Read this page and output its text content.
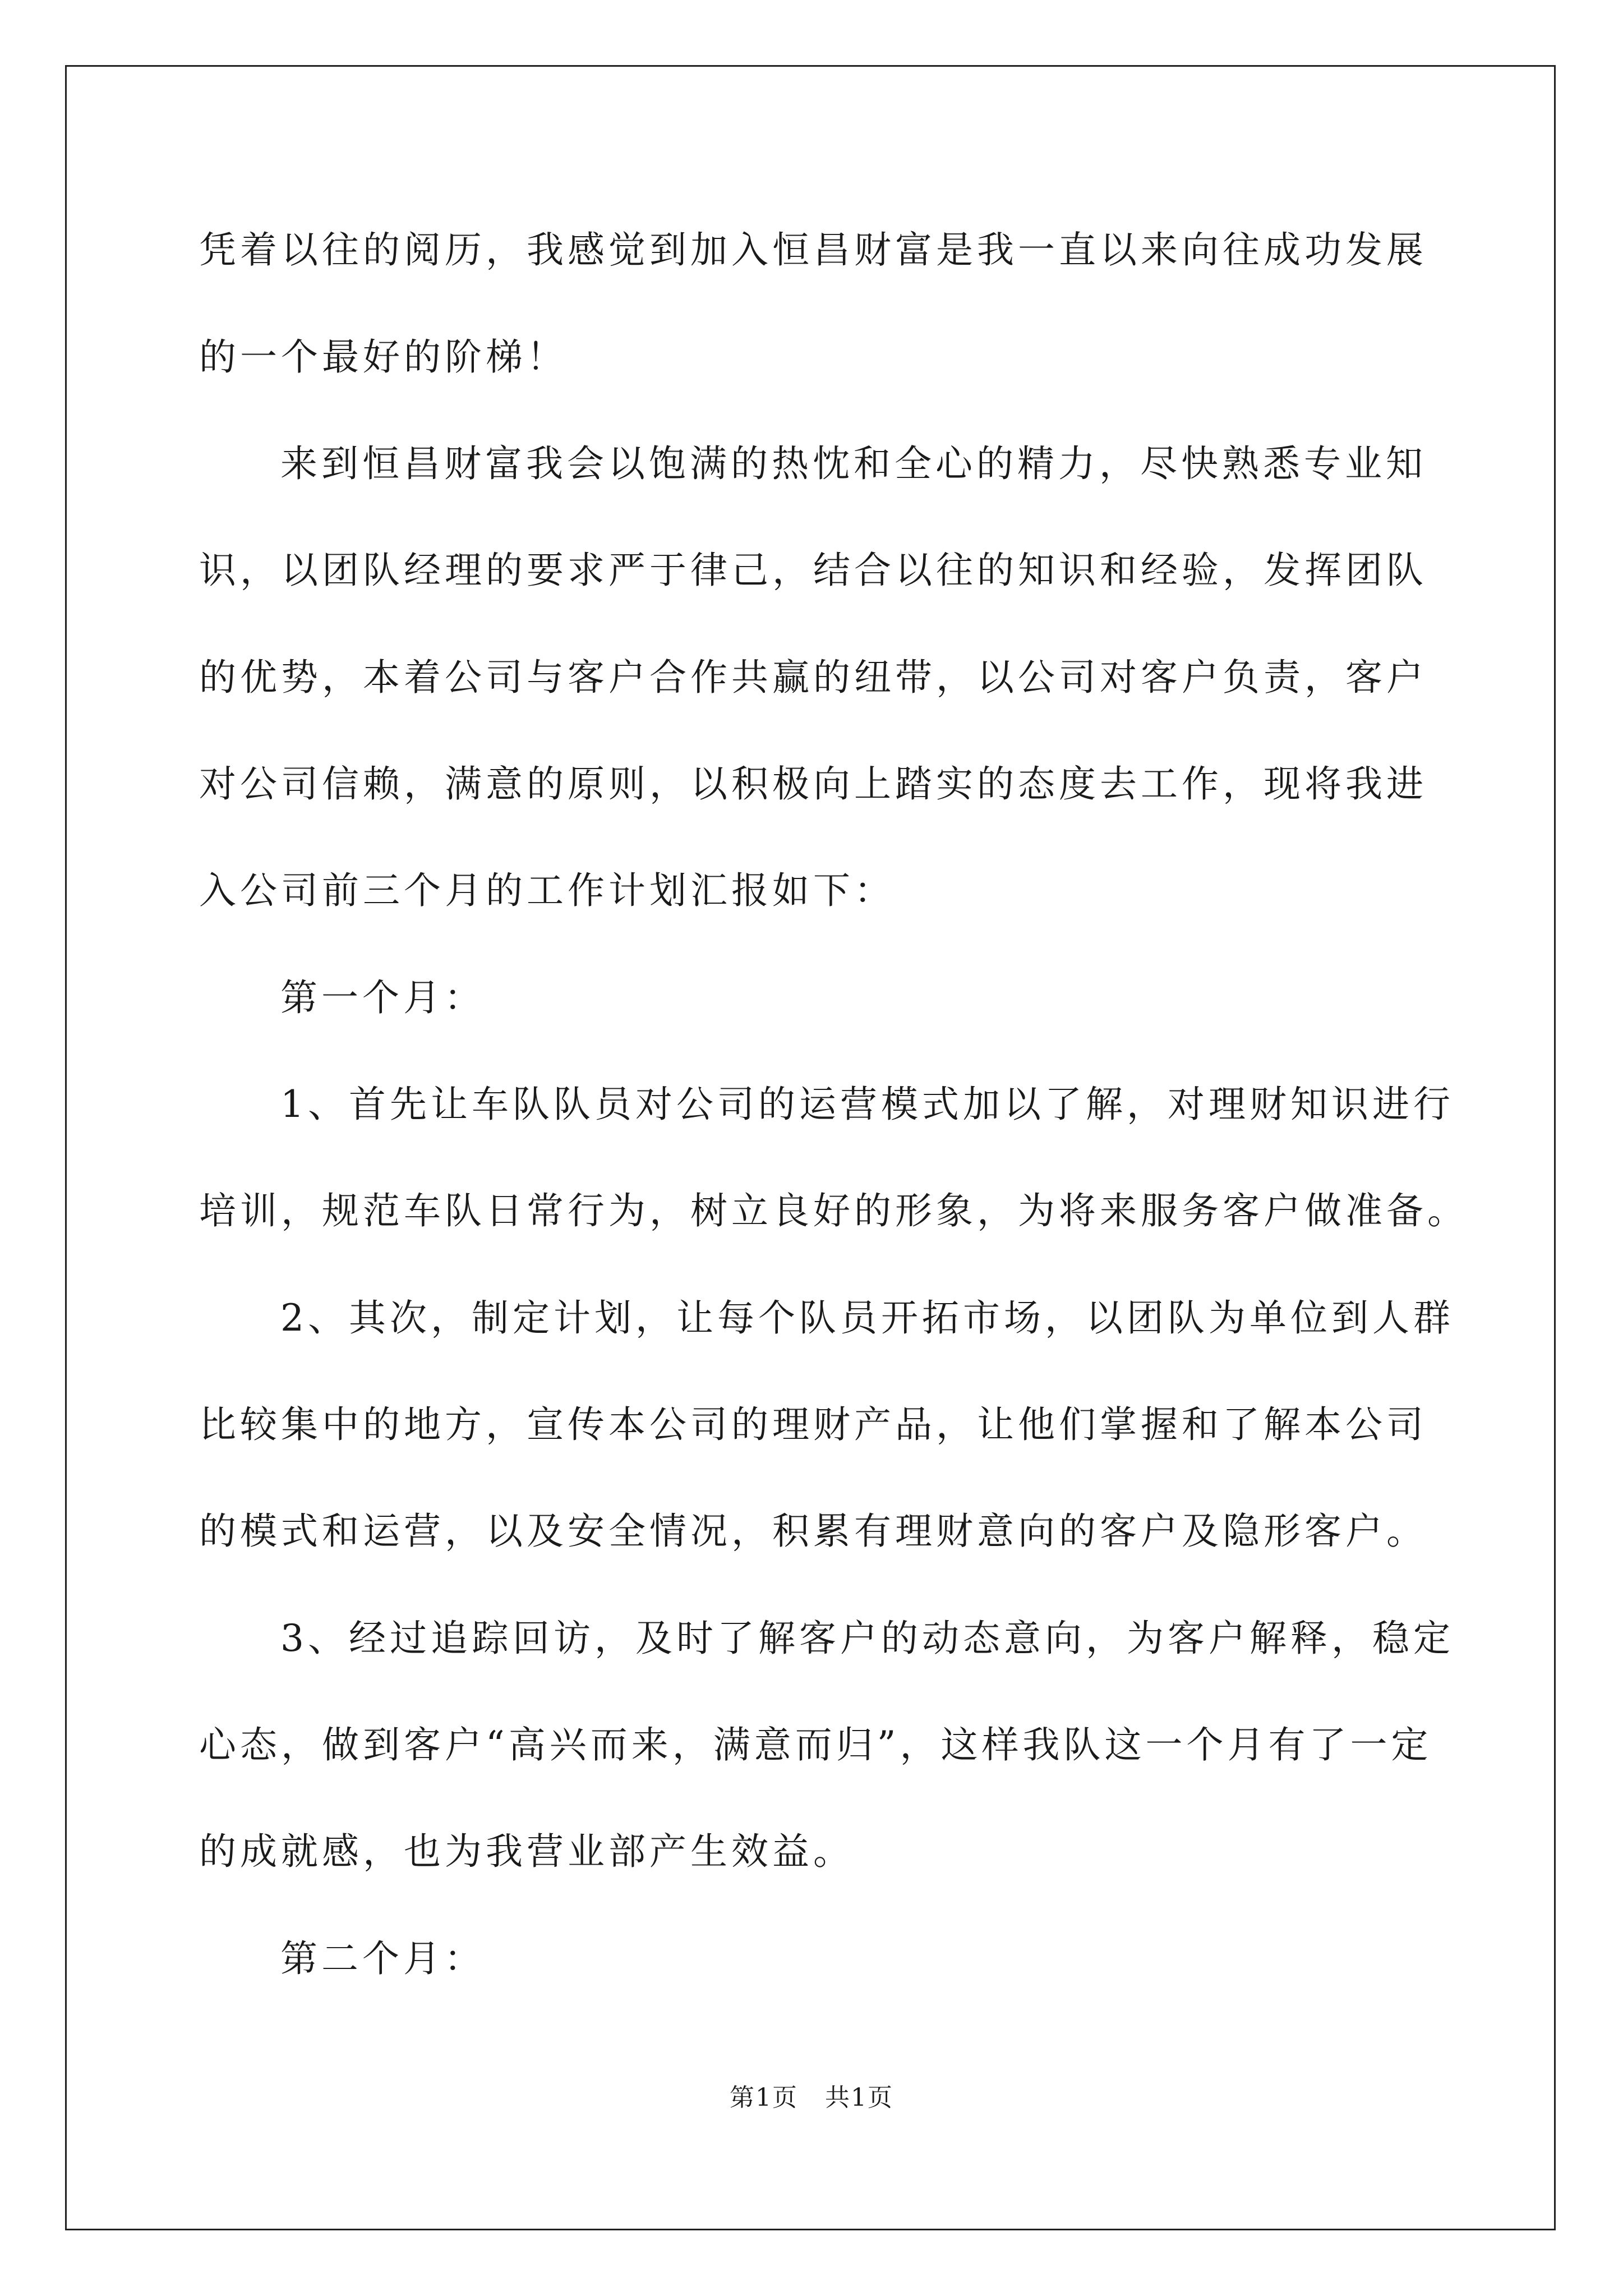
凭着以往的阅历，我感觉到加入恒昌财富是我一直以来向往成功发展
的一个最好的阶梯！
来到恒昌财富我会以饱满的热忱和全心的精力，尽快熟悉专业知
识，以团队经理的要求严于律己，结合以往的知识和经验，发挥团队
的优势，本着公司与客户合作共赢的纽带，以公司对客户负责，客户
对公司信赖，满意的原则，以积极向上踏实的态度去工作，现将我进
入公司前三个月的工作计划汇报如下：
第一个月：
1、首先让车队队员对公司的运营模式加以了解，对理财知识进行
培训，规范车队日常行为，树立良好的形象，为将来服务客户做准备。
2、其次，制定计划，让每个队员开拓市场，以团队为单位到人群
比较集中的地方，宣传本公司的理财产品，让他们掌握和了解本公司
的模式和运营，以及安全情况，积累有理财意向的客户及隐形客户。
3、经过追踪回访，及时了解客户的动态意向，为客户解释，稳定
心态，做到客户“高兴而来，满意而归”，这样我队这一个月有了一定
的成就感，也为我营业部产生效益。
第二个月：
第1页   共1页
